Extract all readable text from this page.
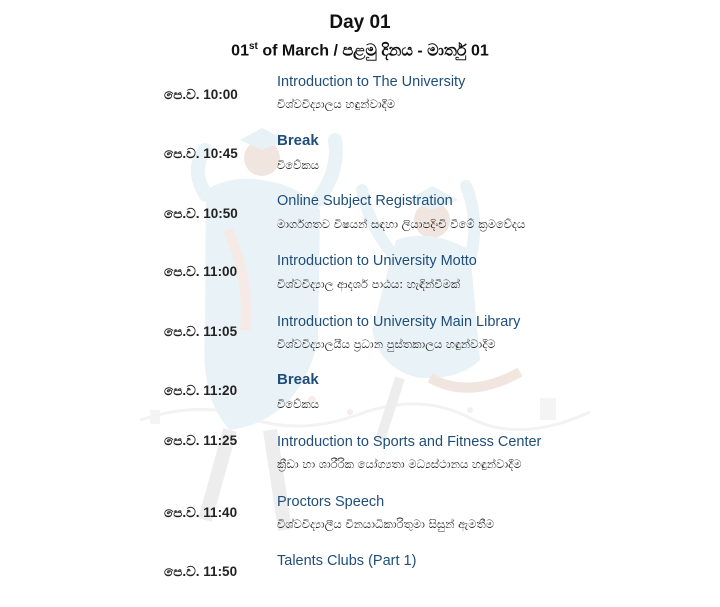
Day 01
01st of March / පළමු දිනය - මාර්තු 01
පෙ.ව. 10:00
Introduction to The University
විශ්වවිද්‍යාලය හඳුන්වාදීම
පෙ.ව. 10:45
Break
විවේකය
පෙ.ව. 10:50
Online Subject Registration
මාර්ගගතව විෂයන් සඳහා ලියාපදිංචි වීමේ ක්‍රමවේදය
පෙ.ව. 11:00
Introduction to University Motto
විශ්වවිද්‍යාල ආදර්ශ පාඨය: හැඳින්වීමක්
පෙ.ව. 11:05
Introduction to University Main Library
විශ්වවිද්‍යාලයීය ප්‍රධාන පුස්තකාලය හඳුන්වාදීම
පෙ.ව. 11:20
Break
විවේකය
පෙ.ව. 11:25	Introduction to Sports and Fitness Center
ක්‍රීඩා හා ශාරීරික යෝග්‍යතා මධ්‍යස්ථානය හඳුන්වාදීම
පෙ.ව. 11:40
Proctors Speech
විශ්වවිද්‍යාලීය විනයාධිකාරිතුමා සිසුන් ඇමතීම
පෙ.ව. 11:50
Talents Clubs (Part 1)
